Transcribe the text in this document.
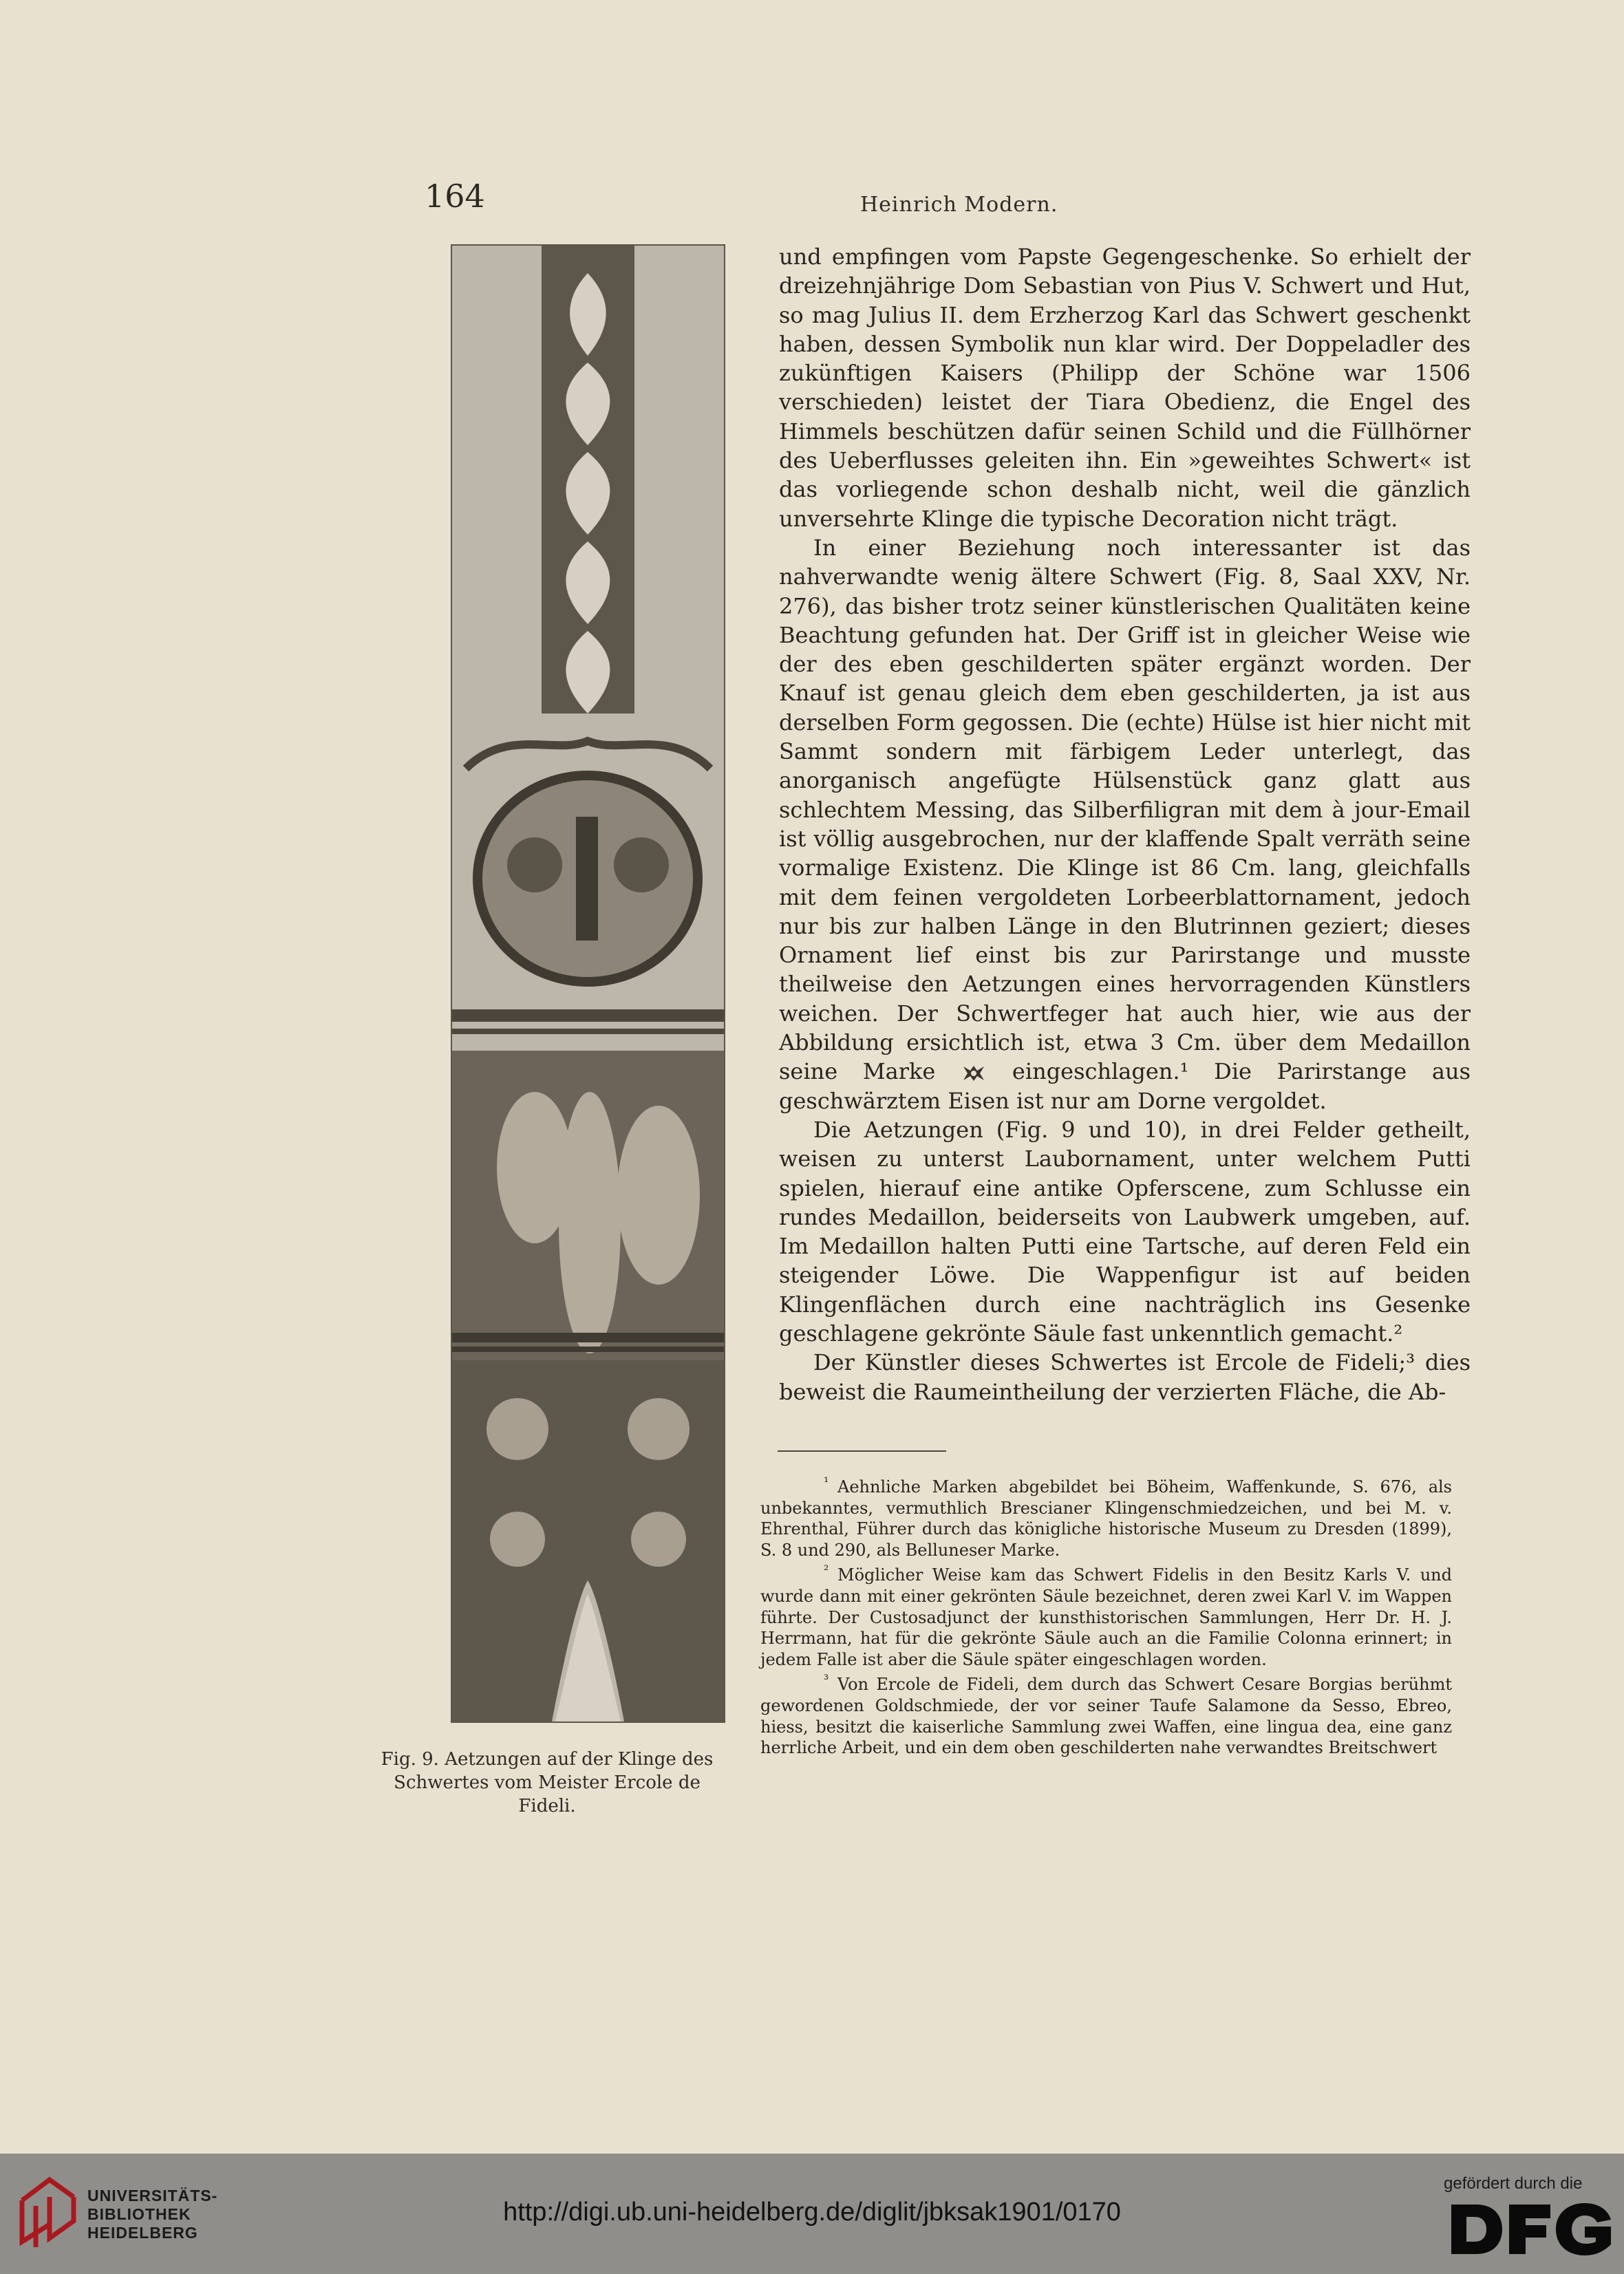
164	Heinrich Modern.
Fig. 9. Aetzungen auf der Klinge des
Schwertes vom Meister Ercole de Fideli.

und empfingen vom Papste Gegengeschenke. So erhielt der dreizehnjährige Dom Sebastian von Pius V. Schwert und Hut, so mag Julius II. dem Erzherzog Karl das Schwert geschenkt haben, dessen Symbolik nun klar wird. Der Doppeladler des zukünftigen Kaisers (Philipp der Schöne war 1506 verschieden) leistet der Tiara Obedienz, die Engel des Himmels beschützen dafür seinen Schild und die Füllhörner des Ueberflusses geleiten ihn. Ein »geweihtes Schwert« ist das vorliegende schon deshalb nicht, weil die gänzlich unversehrte Klinge die typische Decoration nicht trägt.

In einer Beziehung noch interessanter ist das nahverwandte wenig ältere Schwert (Fig. 8, Saal XXV, Nr. 276), das bisher trotz seiner künstlerischen Qualitäten keine Beachtung gefunden hat. Der Griff ist in gleicher Weise wie der des eben geschilderten später ergänzt worden. Der Knauf ist genau gleich dem eben geschilderten, ja ist aus derselben Form gegossen. Die (echte) Hülse ist hier nicht mit Sammt sondern mit färbigem Leder unterlegt, das anorganisch angefügte Hülsenstück ganz glatt aus schlechtem Messing, das Silberfiligran mit dem à jour-Email ist völlig ausgebrochen, nur der klaffende Spalt verräth seine vormalige Existenz. Die Klinge ist 86 Cm. lang, gleichfalls mit dem feinen vergoldeten Lorbeerblattornament, jedoch nur bis zur halben Länge in den Blutrinnen geziert; dieses Ornament lief einst bis zur Parirstange und musste theilweise den Aetzungen eines hervorragenden Künstlers weichen. Der Schwertfeger hat auch hier, wie aus der Abbildung ersichtlich ist, etwa 3 Cm. über dem Medaillon seine Marke	eingeschlagen.¹ Die Parirstange aus geschwärztem Eisen ist nur am Dorne vergoldet.

Die Aetzungen (Fig. 9 und 10), in drei Felder getheilt, weisen zu unterst Laubornament, unter welchem Putti spielen, hierauf eine antike Opferscene, zum Schlusse ein rundes Medaillon, beiderseits von Laubwerk umgeben, auf. Im Medaillon halten Putti eine Tartsche, auf deren Feld ein steigender Löwe. Die Wappenfigur ist auf beiden Klingenflächen durch eine nachträglich ins Gesenke geschlagene gekrönte Säule fast unkenntlich gemacht.²

Der Künstler dieses Schwertes ist Ercole de Fideli;³ dies beweist die Raumeintheilung der verzierten Fläche, die Ab-

¹ Aehnliche Marken abgebildet bei Böheim, Waffenkunde, S. 676, als unbekanntes, vermuthlich Brescianer Klingenschmiedzeichen, und bei M. v. Ehrenthal, Führer durch das königliche historische Museum zu Dresden (1899), S. 8 und 290, als Belluneser Marke.

² Möglicher Weise kam das Schwert Fidelis in den Besitz Karls V. und wurde dann mit einer gekrönten Säule bezeichnet, deren zwei Karl V. im Wappen führte. Der Custosadjunct der kunsthistorischen Sammlungen, Herr Dr. H. J. Herrmann, hat für die gekrönte Säule auch an die Familie Colonna erinnert; in jedem Falle ist aber die Säule später eingeschlagen worden.

³ Von Ercole de Fideli, dem durch das Schwert Cesare Borgias berühmt gewordenen Goldschmiede, der vor seiner Taufe Salamone da Sesso, Ebreo, hiess, besitzt die kaiserliche Sammlung zwei Waffen, eine lingua dea, eine ganz herrliche Arbeit, und ein dem oben geschilderten nahe verwandtes Breitschwert

UNIVERSITÄTS-
BIBLIOTHEK
HEIDELBERG
http://digi.ub.uni-heidelberg.de/diglit/jbksak1901/0170
gefördert durch die
